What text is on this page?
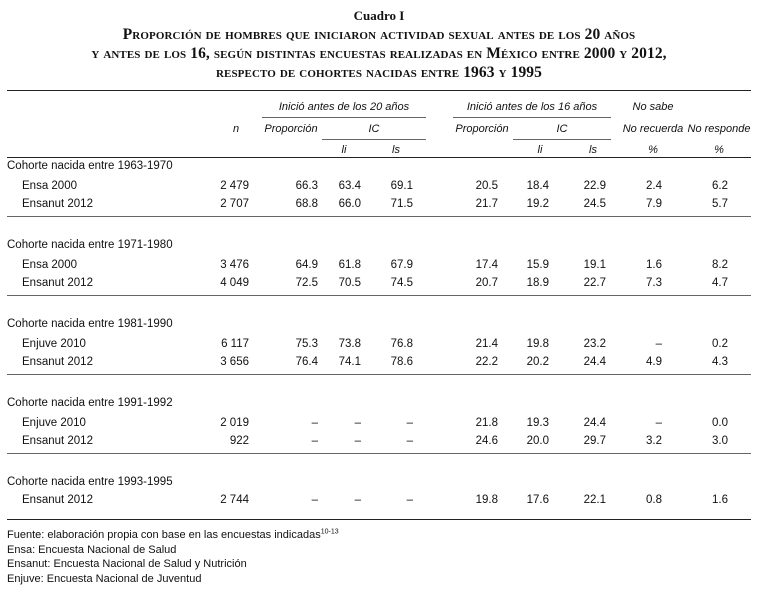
Cuadro I
Proporción de hombres que iniciaron actividad sexual antes de los 20 años
y antes de los 16, según distintas encuestas realizadas en México entre 2000 y 2012,
respecto de cohortes nacidas entre 1963 y 1995
Inició antes de los 20 años	Inició antes de los 16 años	No sabe
n	Proporción	IC	Proporción	IC	No recuerda No responde
li	ls	li	ls	%	%
Cohorte nacida entre 1963-1970
Ensa 2000	2 479	66.3	63.4	69.1	20.5	18.4	22.9	2.4	6.2
Ensanut 2012	2 707	68.8	66.0	71.5	21.7	19.2	24.5	7.9	5.7
Cohorte nacida entre 1971-1980
Ensa 2000	3 476	64.9	61.8	67.9	17.4	15.9	19.1	1.6	8.2
Ensanut 2012	4 049	72.5	70.5	74.5	20.7	18.9	22.7	7.3	4.7
Cohorte nacida entre 1981-1990
Enjuve 2010	6 117	75.3	73.8	76.8	21.4	19.8	23.2	–	0.2
Ensanut 2012	3 656	76.4	74.1	78.6	22.2	20.2	24.4	4.9	4.3
Cohorte nacida entre 1991-1992
Enjuve 2010	2 019	–	–	–	21.8	19.3	24.4	–	0.0
Ensanut 2012	922	–	–	–	24.6	20.0	29.7	3.2	3.0
Cohorte nacida entre 1993-1995
Ensanut 2012	2 744	–	–	–	19.8	17.6	22.1	0.8	1.6
Fuente: elaboración propia con base en las encuestas indicadas$^{10-13}$
Ensa: Encuesta Nacional de Salud
Ensanut: Encuesta Nacional de Salud y Nutrición
Enjuve: Encuesta Nacional de Juventud
